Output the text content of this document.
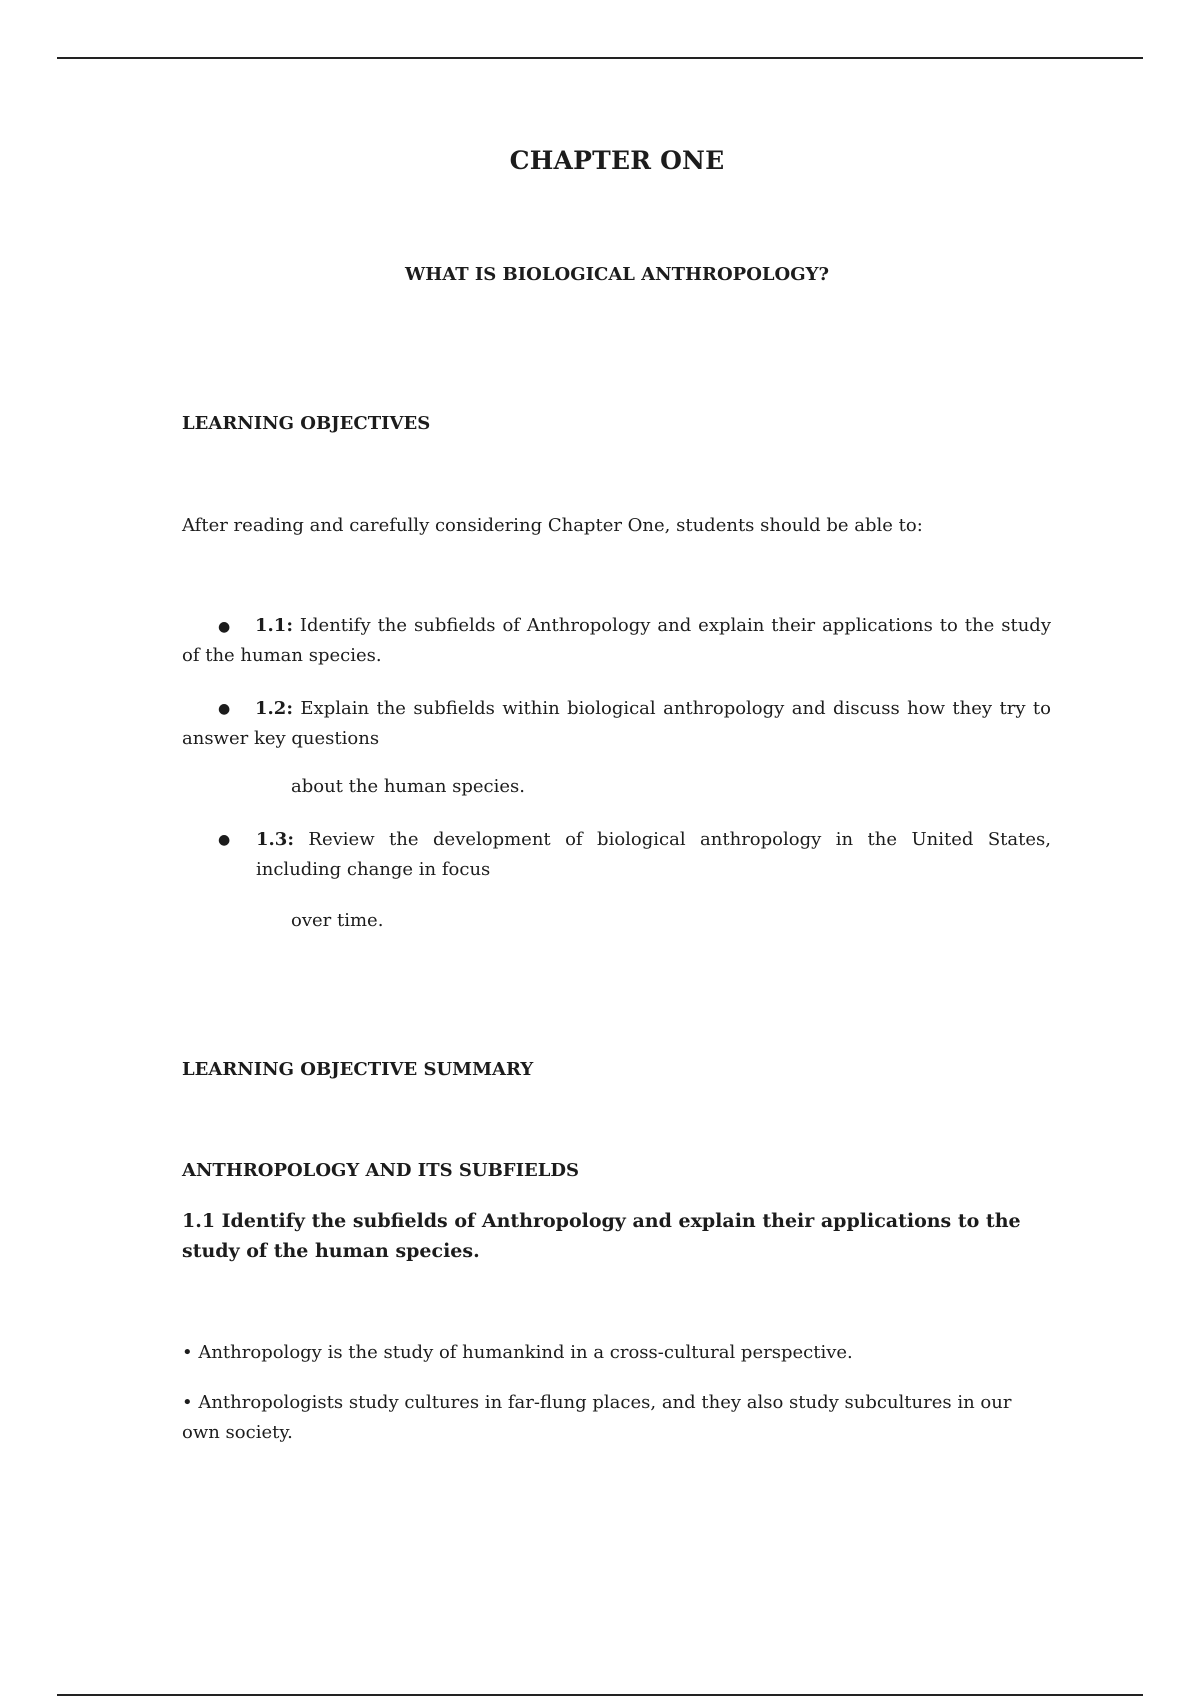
CHAPTER ONE
WHAT IS BIOLOGICAL ANTHROPOLOGY?
LEARNING OBJECTIVES

After reading and carefully considering Chapter One, students should be able to:

●	1.1: Identify the subfields of Anthropology and explain their applications to the study of the human species.

●	1.2: Explain the subfields within biological anthropology and discuss how they try to answer key questions

about the human species.

● 1.3: Review the development of biological anthropology in the United States, including change in focus

over time.

LEARNING OBJECTIVE SUMMARY
ANTHROPOLOGY AND ITS SUBFIELDS

1.1 Identify the subfields of Anthropology and explain their applications to the study of the human species.

• Anthropology is the study of humankind in a cross-cultural perspective.

• Anthropologists study cultures in far-flung places, and they also study subcultures in our own society.
